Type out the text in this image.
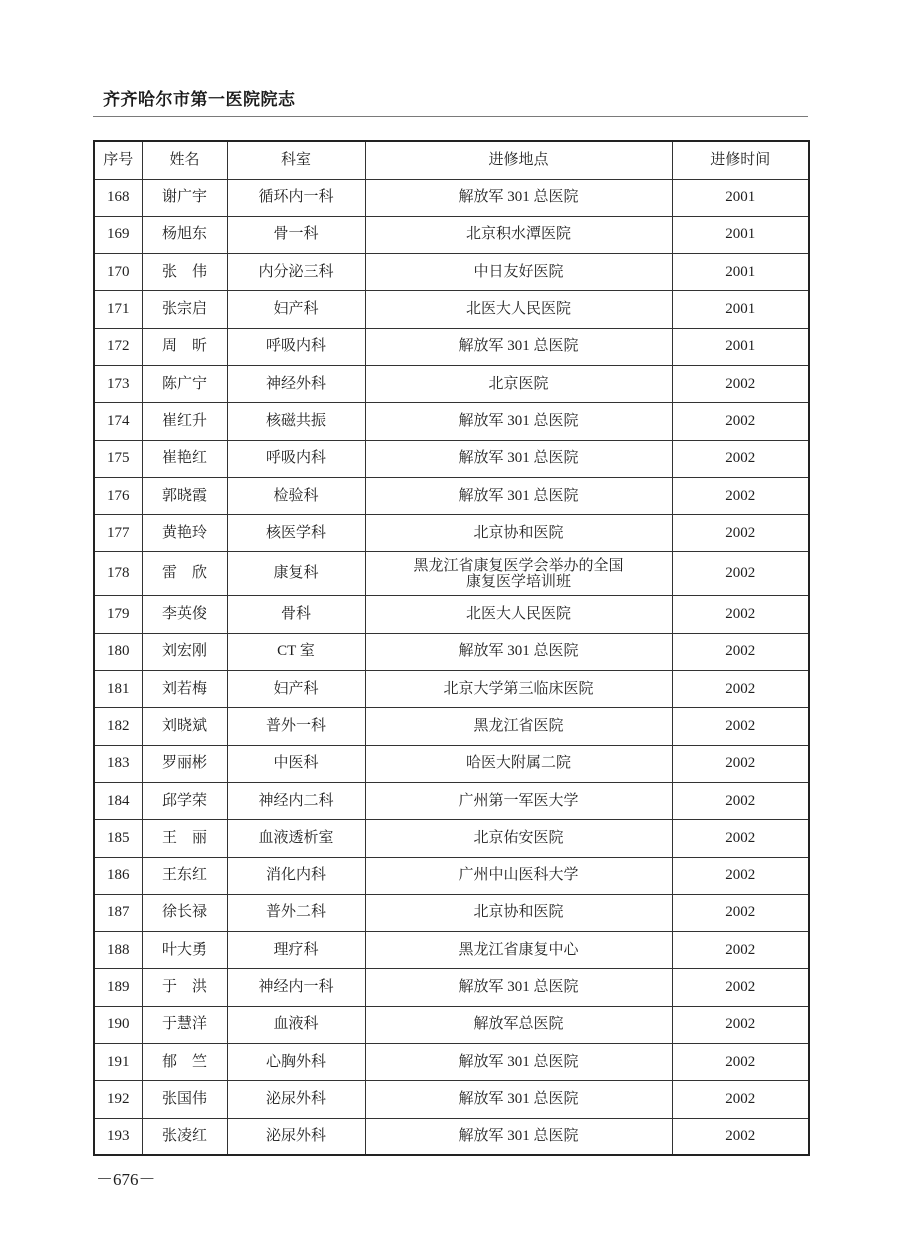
齐齐哈尔市第一医院院志
序号	姓名	科室	进修地点	进修时间
168	谢广宇	循环内一科	解放军 301 总医院	2001
169	杨旭东	骨一科	北京积水潭医院	2001
170	张　伟	内分泌三科	中日友好医院	2001
171	张宗启	妇产科	北医大人民医院	2001
172	周　昕	呼吸内科	解放军 301 总医院	2001
173	陈广宁	神经外科	北京医院	2002
174	崔红升	核磁共振	解放军 301 总医院	2002
175	崔艳红	呼吸内科	解放军 301 总医院	2002
176	郭晓霞	检验科	解放军 301 总医院	2002
177	黄艳玲	核医学科	北京协和医院	2002
178	雷　欣	康复科	黑龙江省康复医学会举办的全国
康复医学培训班	2002
179	李英俊	骨科	北医大人民医院	2002
180	刘宏刚	CT 室	解放军 301 总医院	2002
181	刘若梅	妇产科	北京大学第三临床医院	2002
182	刘晓斌	普外一科	黑龙江省医院	2002
183	罗丽彬	中医科	哈医大附属二院	2002
184	邱学荣	神经内二科	广州第一军医大学	2002
185	王　丽	血液透析室	北京佑安医院	2002
186	王东红	消化内科	广州中山医科大学	2002
187	徐长禄	普外二科	北京协和医院	2002
188	叶大勇	理疗科	黑龙江省康复中心	2002
189	于　洪	神经内一科	解放军 301 总医院	2002
190	于慧洋	血液科	解放军总医院	2002
191	郁　竺	心胸外科	解放军 301 总医院	2002
192	张国伟	泌尿外科	解放军 301 总医院	2002
193	张凌红	泌尿外科	解放军 301 总医院	2002
－676－
